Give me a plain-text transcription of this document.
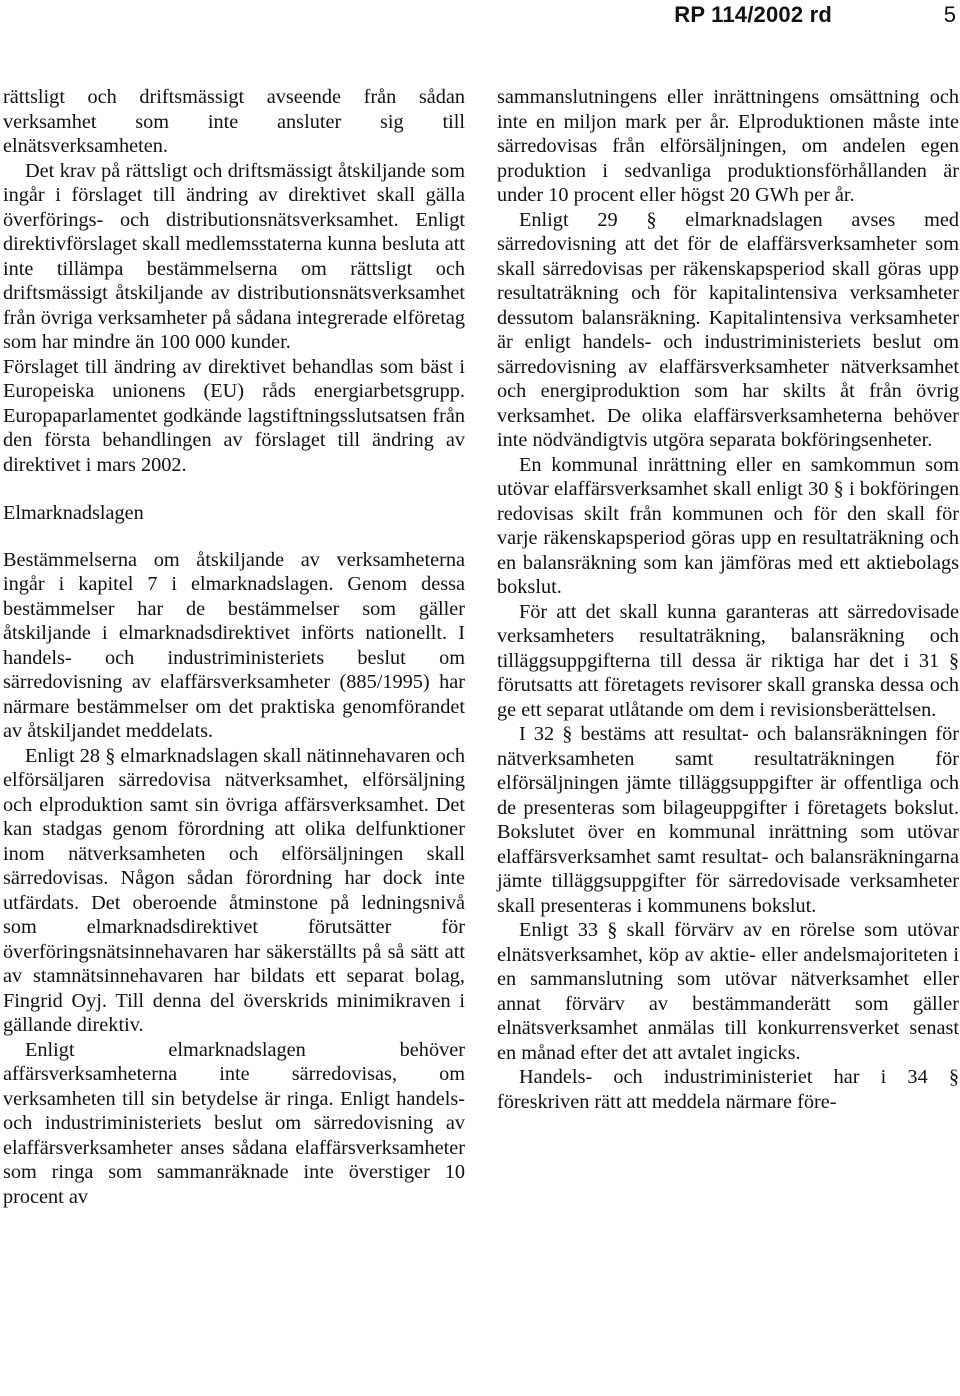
RP 114/2002 rd	5

rättsligt och driftsmässigt avseende från sådan verksamhet som inte ansluter sig till elnätsverksamheten.

Det krav på rättsligt och driftsmässigt åtskiljande som ingår i förslaget till ändring av direktivet skall gälla överförings- och distributionsnätsverksamhet. Enligt direktivförslaget skall medlemsstaterna kunna besluta att inte tillämpa bestämmelserna om rättsligt och driftsmässigt åtskiljande av distributionsnätsverksamhet från övriga verksamheter på sådana integrerade elföretag som har mindre än 100 000 kunder.

Förslaget till ändring av direktivet behandlas som bäst i Europeiska unionens (EU) råds energiarbetsgrupp. Europaparlamentet godkände lagstiftningsslutsatsen från den första behandlingen av förslaget till ändring av direktivet i mars 2002.

Elmarknadslagen

Bestämmelserna om åtskiljande av verksamheterna ingår i kapitel 7 i elmarknadslagen. Genom dessa bestämmelser har de bestämmelser som gäller åtskiljande i elmarknadsdirektivet införts nationellt. I handels- och industriministeriets beslut om särredovisning av elaffärsverksamheter (885/1995) har närmare bestämmelser om det praktiska genomförandet av åtskiljandet meddelats.

Enligt 28 § elmarknadslagen skall nätinnehavaren och elförsäljaren särredovisa nätverksamhet, elförsäljning och elproduktion samt sin övriga affärsverksamhet. Det kan stadgas genom förordning att olika delfunktioner inom nätverksamheten och elförsäljningen skall särredovisas. Någon sådan förordning har dock inte utfärdats. Det oberoende åtminstone på ledningsnivå som elmarknadsdirektivet förutsätter för överföringsnätsinnehavaren har säkerställts på så sätt att av stamnätsinnehavaren har bildats ett separat bolag, Fingrid Oyj. Till denna del överskrids minimikraven i gällande direktiv.

Enligt elmarknadslagen behöver affärsverksamheterna inte särredovisas, om verksamheten till sin betydelse är ringa. Enligt handels- och industriministeriets beslut om särredovisning av elaffärsverksamheter anses sådana elaffärsverksamheter som ringa som sammanräknade inte överstiger 10 procent av

sammanslutningens eller inrättningens omsättning och inte en miljon mark per år. Elproduktionen måste inte särredovisas från elförsäljningen, om andelen egen produktion i sedvanliga produktionsförhållanden är under 10 procent eller högst 20 GWh per år.

Enligt 29 § elmarknadslagen avses med särredovisning att det för de elaffärsverksamheter som skall särredovisas per räkenskapsperiod skall göras upp resultaträkning och för kapitalintensiva verksamheter dessutom balansräkning. Kapitalintensiva verksamheter är enligt handels- och industriministeriets beslut om särredovisning av elaffärsverksamheter nätverksamhet och energiproduktion som har skilts åt från övrig verksamhet. De olika elaffärsverksamheterna behöver inte nödvändigtvis utgöra separata bokföringsenheter.

En kommunal inrättning eller en samkommun som utövar elaffärsverksamhet skall enligt 30 § i bokföringen redovisas skilt från kommunen och för den skall för varje räkenskapsperiod göras upp en resultaträkning och en balansräkning som kan jämföras med ett aktiebolags bokslut.

För att det skall kunna garanteras att särredovisade verksamheters resultaträkning, balansräkning och tilläggsuppgifterna till dessa är riktiga har det i 31 § förutsatts att företagets revisorer skall granska dessa och ge ett separat utlåtande om dem i revisionsberättelsen.

I 32 § bestäms att resultat- och balansräkningen för nätverksamheten samt resultaträkningen för elförsäljningen jämte tilläggsuppgifter är offentliga och de presenteras som bilageuppgifter i företagets bokslut. Bokslutet över en kommunal inrättning som utövar elaffärsverksamhet samt resultat- och balansräkningarna jämte tilläggsuppgifter för särredovisade verksamheter skall presenteras i kommunens bokslut.

Enligt 33 § skall förvärv av en rörelse som utövar elnätsverksamhet, köp av aktie- eller andelsmajoriteten i en sammanslutning som utövar nätverksamhet eller annat förvärv av bestämmanderätt som gäller elnätsverksamhet anmälas till konkurrensverket senast en månad efter det att avtalet ingicks.

Handels- och industriministeriet har i 34 § föreskriven rätt att meddela närmare före-
